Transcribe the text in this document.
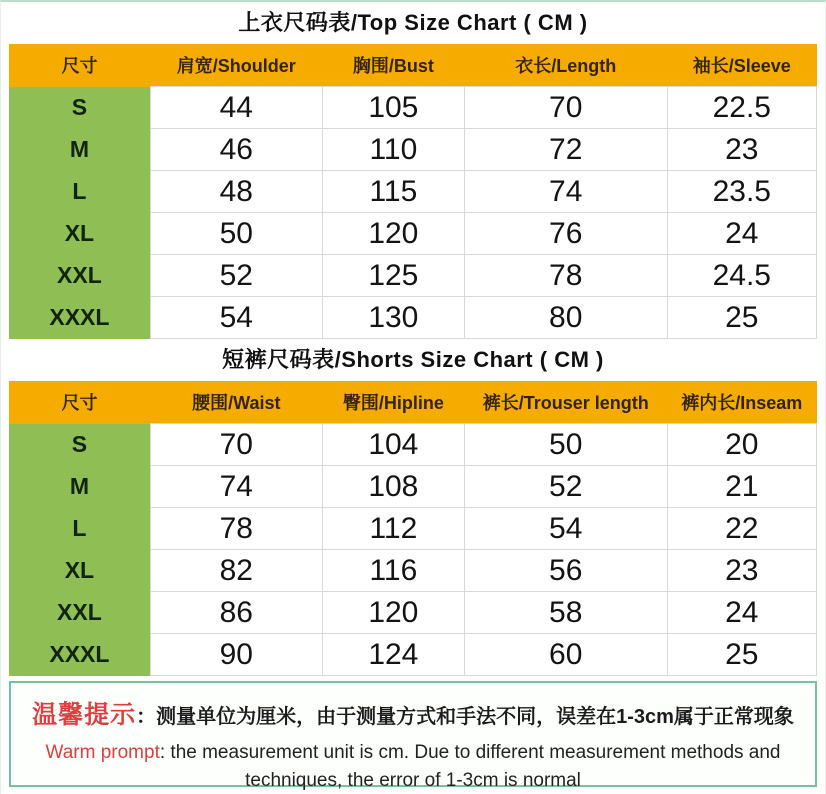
上衣尺码表/Top Size Chart ( CM )
尺寸	肩宽/Shoulder	胸围/Bust	衣长/Length	袖长/Sleeve
S	44	105	70	22.5
M	46	110	72	23
L	48	115	74	23.5
XL	50	120	76	24
XXL	52	125	78	24.5
XXXL	54	130	80	25
短裤尺码表/Shorts Size Chart ( CM )
尺寸	腰围/Waist	臀围/Hipline	裤长/Trouser length	裤内长/Inseam
S	70	104	50	20
M	74	108	52	21
L	78	112	54	22
XL	82	116	56	23
XXL	86	120	58	24
XXXL	90	124	60	25
温馨提示：测量单位为厘米，由于测量方式和手法不同，误差在1-3cm属于正常现象
Warm prompt: the measurement unit is cm. Due to different measurement methods and techniques, the error of 1-3cm is normal
